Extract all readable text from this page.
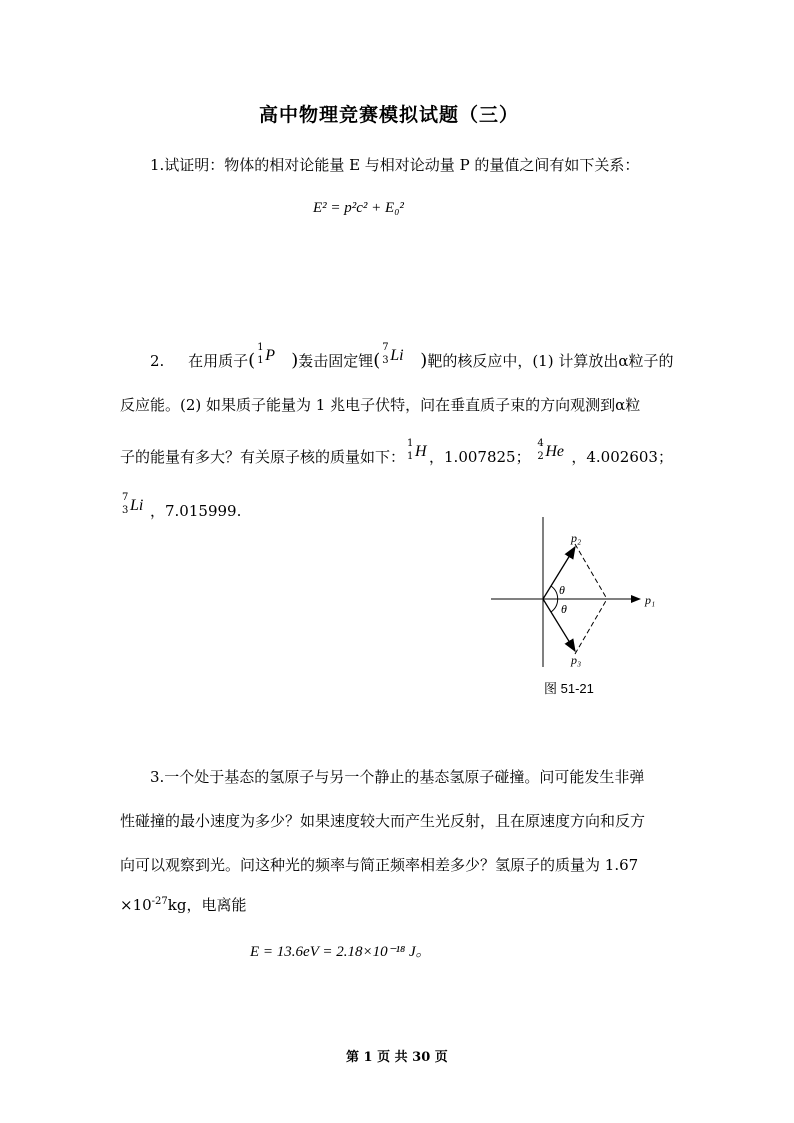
高中物理竞赛模拟试题（三）
1.试证明：物体的相对论能量 E 与相对论动量 P 的量值之间有如下关系：
E² = p²c² + E₀²
2. 在用质子(
1
1 P )轰击固定锂(
7
3 Li )靶的核反应中，(1) 计算放出α粒子的
反应能。(2) 如果质子能量为 1 兆电子伏特，问在垂直质子束的方向观测到α粒
子的能量有多大？有关原子核的质量如下：
1
1 H ，1.007825；
4
2 He ，4.002603；
7
3 Li ，7.015999.
p₂
p₁
p₃
θ
θ
图 51-21
3.一个处于基态的氢原子与另一个静止的基态氢原子碰撞。问可能发生非弹
性碰撞的最小速度为多少？如果速度较大而产生光反射，且在原速度方向和反方
向可以观察到光。问这种光的频率与简正频率相差多少？氢原子的质量为 1.67
$\times 10^{-27}kg$，电离能
E = 13.6eV = 2.18×10⁻¹⁸ J。
第 1 页 共 30 页
